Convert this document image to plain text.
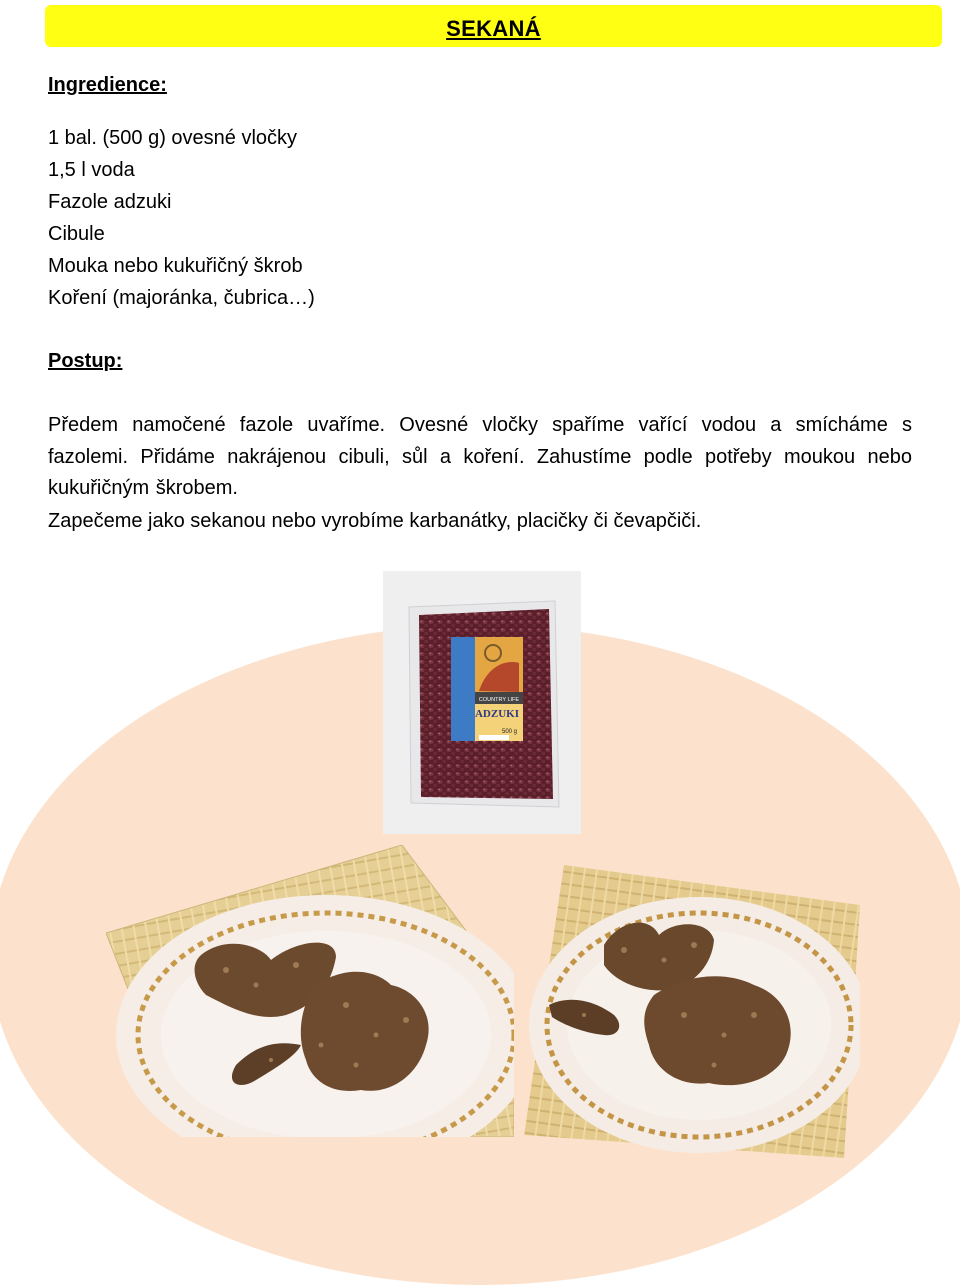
SEKANÁ
Ingredience:
1 bal. (500 g) ovesné vločky
1,5 l voda
Fazole adzuki
Cibule
Mouka nebo kukuřičný škrob
Koření (majoránka, čubrica…)
Postup:

Předem namočené fazole uvaříme. Ovesné vločky spaříme vařící vodou a smícháme s fazolemi. Přidáme nakrájenou cibuli, sůl a koření. Zahustíme podle potřeby moukou nebo kukuřičným škrobem.

Zapečeme jako sekanou nebo vyrobíme karbanátky, placičky či čevapčiči.

COUNTRY LIFE
ADZUKI
500 g
